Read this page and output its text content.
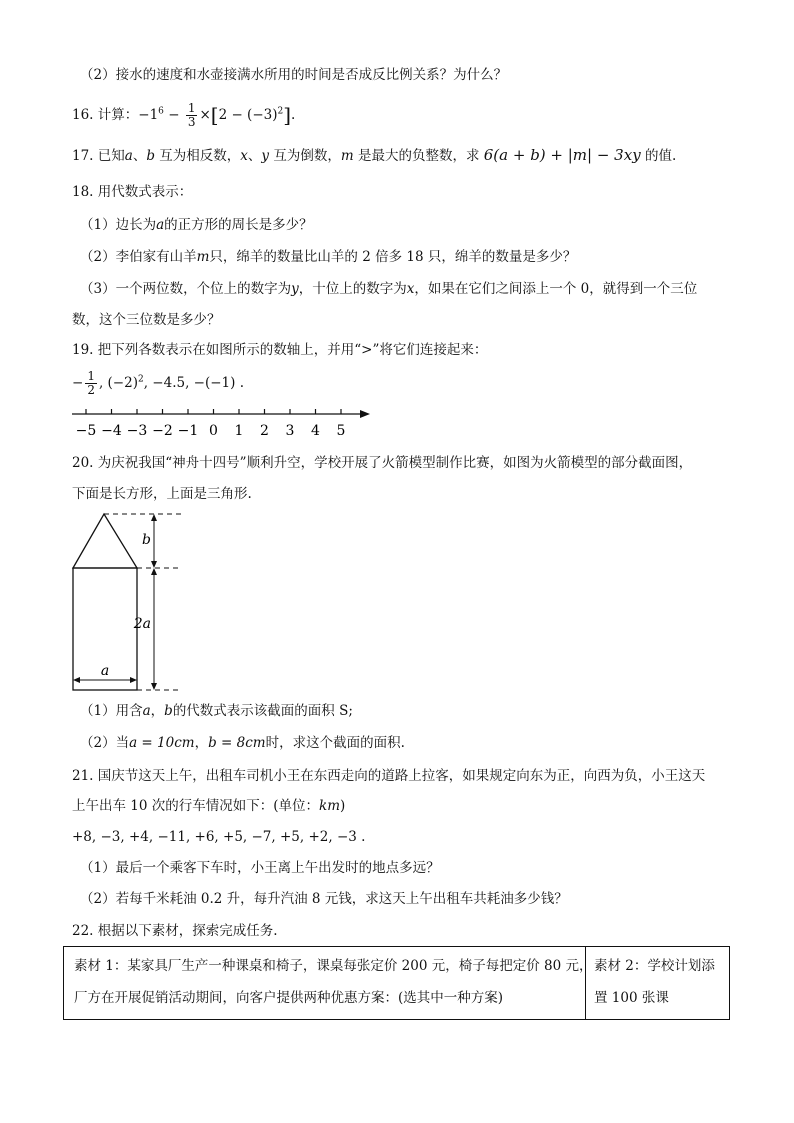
（2）接水的速度和水壶接满水所用的时间是否成反比例关系？为什么？
16. 计算：$-1^6 - \frac{1}{3} \times[2 - (-3)^2]$.
17. 已知a、b 互为相反数，x、y 互为倒数，m 是最大的负整数，求 6(a + b) + |m| − 3xy 的值.
18. 用代数式表示：
（1）边长为a的正方形的周长是多少？
（2）李伯家有山羊m只，绵羊的数量比山羊的 2 倍多 18 只，绵羊的数量是多少？
（3）一个两位数，个位上的数字为y，十位上的数字为x，如果在它们之间添上一个 0，就得到一个三位
数，这个三位数是多少？
19. 把下列各数表示在如图所示的数轴上，并用“>”将它们连接起来：
− $\frac{1}{2}$ , $(-2)^2$, −4.5, −(−1) .
−5 −4 −3 −2 −1 0 1 2 3 4 5
20. 为庆祝我国“神舟十四号”顺利升空，学校开展了火箭模型制作比赛，如图为火箭模型的部分截面图，
下面是长方形，上面是三角形.
b
2a
a
（1）用含a，b的代数式表示该截面的面积 S;
（2）当a = 10cm，b = 8cm时，求这个截面的面积.
21. 国庆节这天上午，出租车司机小王在东西走向的道路上拉客，如果规定向东为正，向西为负，小王这天
上午出车 10 次的行车情况如下：(单位：km)
+8, −3, +4, −11, +6, +5, −7, +5, +2, −3 .
（1）最后一个乘客下车时，小王离上午出发时的地点多远？
（2）若每千米耗油 0.2 升，每升汽油 8 元钱，求这天上午出租车共耗油多少钱？
22. 根据以下素材，探索完成任务.
素材 1：某家具厂生产一种课桌和椅子，课桌每张定价 200 元，椅子每把定价 80 元，
厂方在开展促销活动期间，向客户提供两种优惠方案：(选其中一种方案)
素材 2：学校计划添
置 100 张课
